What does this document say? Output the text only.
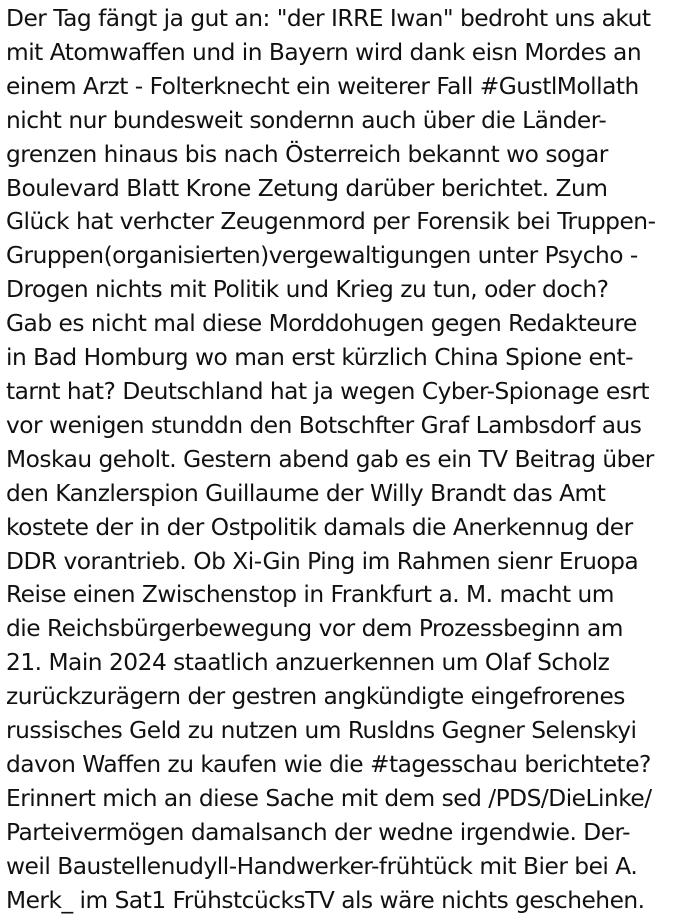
Der Tag fängt ja gut an: "der IRRE Iwan" bedroht uns akut
mit Atomwaffen und in Bayern wird dank eisn Mordes an
einem Arzt - Folterknecht ein weiterer Fall #GustlMollath
nicht nur bundesweit sondernn auch über die Länder-
grenzen hinaus bis nach Österreich bekannt wo sogar
Boulevard Blatt Krone Zetung darüber berichtet. Zum
Glück hat verhcter Zeugenmord per Forensik bei Truppen-
Gruppen(organisierten)vergewaltigungen unter Psycho -
Drogen nichts mit Politik und Krieg zu tun, oder doch?
Gab es nicht mal diese Morddohugen gegen Redakteure
in Bad Homburg wo man erst kürzlich China Spione ent-
tarnt hat? Deutschland hat ja wegen Cyber-Spionage esrt
vor wenigen stunddn den Botschfter Graf Lambsdorf aus
Moskau geholt. Gestern abend gab es ein TV Beitrag über
den Kanzlerspion Guillaume der Willy Brandt das Amt
kostete der in der Ostpolitik damals die Anerkennug der
DDR vorantrieb. Ob Xi-Gin Ping im Rahmen sienr Eruopa
Reise einen Zwischenstop in Frankfurt a. M. macht um
die Reichsbürgerbewegung vor dem Prozessbeginn am
21. Main 2024 staatlich anzuerkennen um Olaf Scholz
zurückzurägern der gestren angkündigte eingefrorenes
russisches Geld zu nutzen um Rusldns Gegner Selenskyi
davon Waffen zu kaufen wie die #tagesschau berichtete?
Erinnert mich an diese Sache mit dem sed /PDS/DieLinke/
Parteivermögen damalsanch der wedne irgendwie. Der-
weil Baustellenudyll-Handwerker-frühtück mit Bier bei A.
Merk_ im Sat1 FrühstcücksTV als wäre nichts geschehen.
